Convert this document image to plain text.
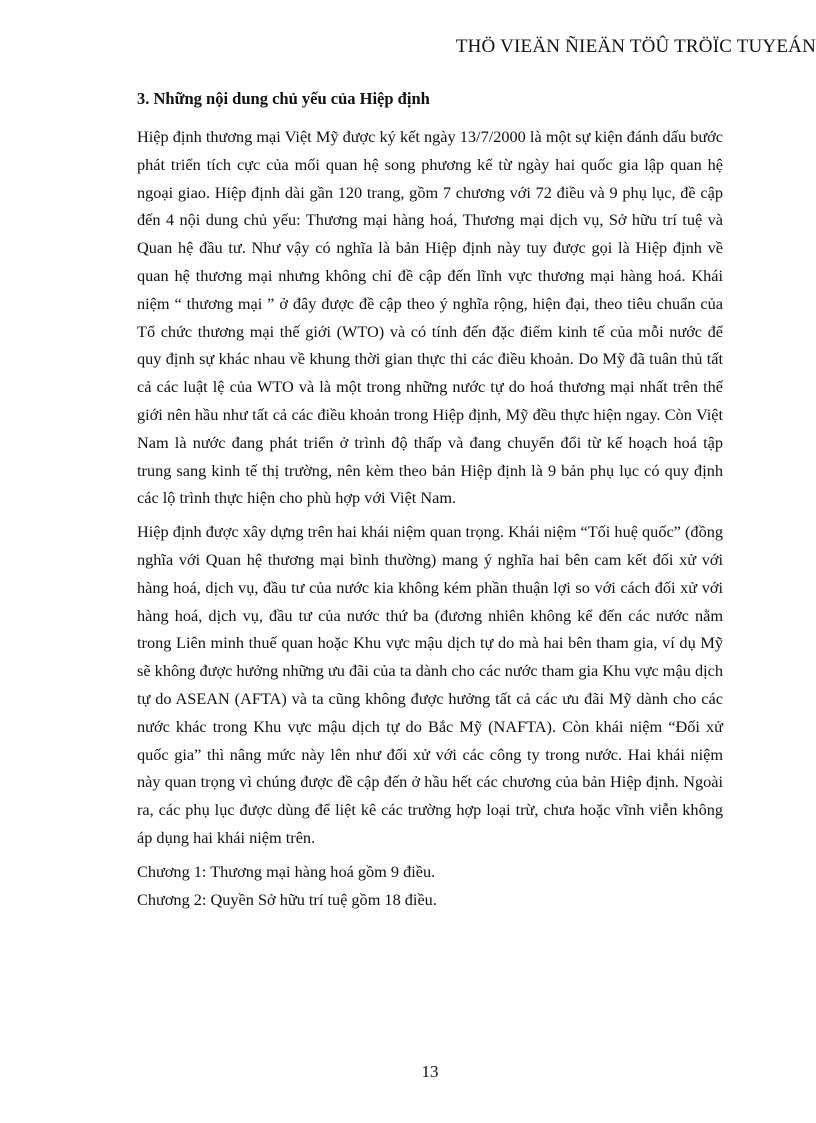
THÖ VIEÄN ÑIEÄN TÖÛ TRÖÏC TUYEÁN
3. Những nội dung chủ yếu của Hiệp định

Hiệp định thương mại Việt Mỹ được ký kết ngày 13/7/2000 là một sự kiện đánh dấu bước phát triển tích cực của mối quan hệ song phương kể từ ngày hai quốc gia lập quan hệ ngoại giao. Hiệp định dài gần 120 trang, gồm 7 chương với 72 điều và 9 phụ lục, đề cập đến 4 nội dung chủ yếu: Thương mại hàng hoá, Thương mại dịch vụ, Sở hữu trí tuệ và Quan hệ đầu tư. Như vậy có nghĩa là bản Hiệp định này tuy được gọi là Hiệp định về quan hệ thương mại nhưng không chỉ đề cập đến lĩnh vực thương mại hàng hoá. Khái niệm “ thương mại ” ở đây được đề cập theo ý nghĩa rộng, hiện đại, theo tiêu chuẩn của Tổ chức thương mại thế giới (WTO) và có tính đến đặc điểm kinh tế của mỗi nước để quy định sự khác nhau về khung thời gian thực thi các điều khoản. Do Mỹ đã tuân thủ tất cả các luật lệ của WTO và là một trong những nước tự do hoá thương mại nhất trên thế giới nên hầu như tất cả các điều khoản trong Hiệp định, Mỹ đều thực hiện ngay. Còn Việt Nam là nước đang phát triển ở trình độ thấp và đang chuyển đổi từ kế hoạch hoá tập trung sang kinh tế thị trường, nên kèm theo bản Hiệp định là 9 bản phụ lục có quy định các lộ trình thực hiện cho phù hợp với Việt Nam.

Hiệp định được xây dựng trên hai khái niệm quan trọng. Khái niệm “Tối huệ quốc” (đồng nghĩa với Quan hệ thương mại bình thường) mang ý nghĩa hai bên cam kết đối xử với hàng hoá, dịch vụ, đầu tư của nước kia không kém phần thuận lợi so với cách đối xử với hàng hoá, dịch vụ, đầu tư của nước thứ ba (đương nhiên không kể đến các nước nằm trong Liên minh thuế quan hoặc Khu vực mậu dịch tự do mà hai bên tham gia, ví dụ Mỹ sẽ không được hưởng những ưu đãi của ta dành cho các nước tham gia Khu vực mậu dịch tự do ASEAN (AFTA) và ta cũng không được hưởng tất cả các ưu đãi Mỹ dành cho các nước khác trong Khu vực mậu dịch tự do Bắc Mỹ (NAFTA). Còn khái niệm “Đối xử quốc gia” thì nâng mức này lên như đối xử với các công ty trong nước. Hai khái niệm này quan trọng vì chúng được đề cập đến ở hầu hết các chương của bản Hiệp định. Ngoài ra, các phụ lục được dùng để liệt kê các trường hợp loại trừ, chưa hoặc vĩnh viễn không áp dụng hai khái niệm trên.

Chương 1: Thương mại hàng hoá gồm 9 điều.

Chương 2: Quyền Sở hữu trí tuệ gồm 18 điều.

13
